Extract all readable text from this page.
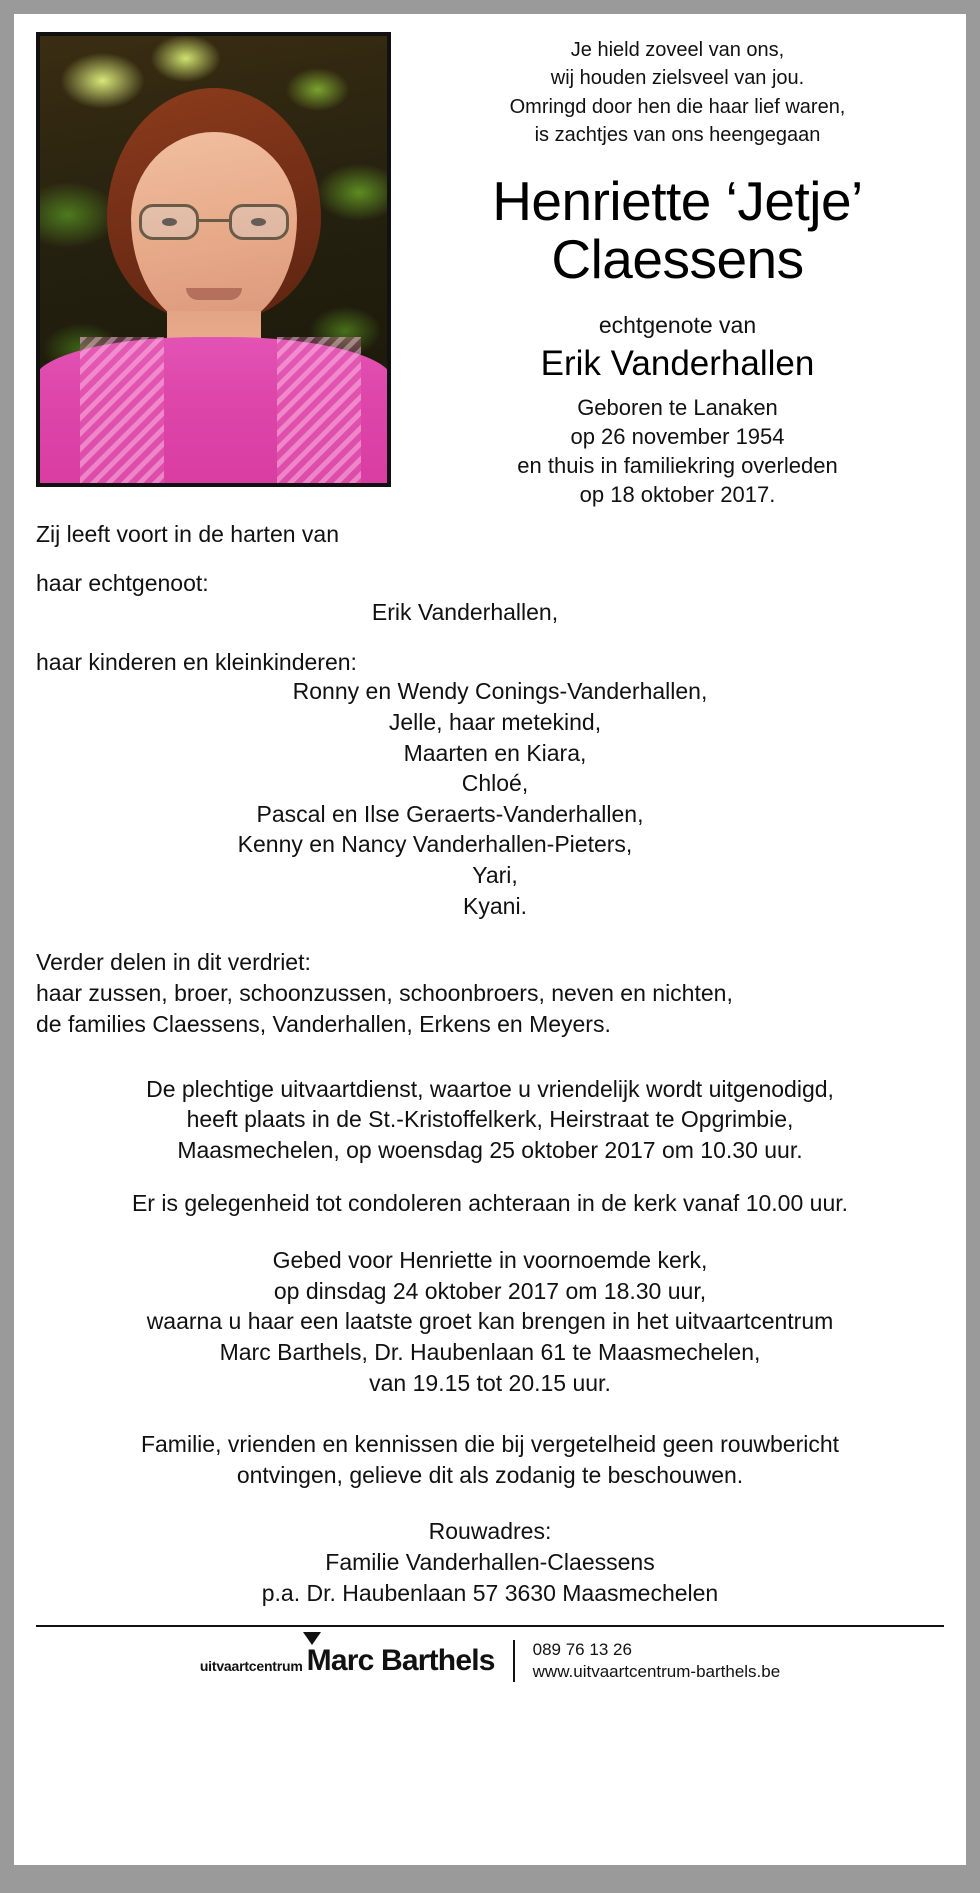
Je hield zoveel van ons,
wij houden zielsveel van jou.
Omringd door hen die haar lief waren,
is zachtjes van ons heengegaan
Henriette ‘Jetje’
Claessens
echtgenote van
Erik Vanderhallen
Geboren te Lanaken
op 26 november 1954
en thuis in familiekring overleden
op 18 oktober 2017.
Zij leeft voort in de harten van
haar echtgenoot:
Erik Vanderhallen,
haar kinderen en kleinkinderen:
Ronny en Wendy Conings-Vanderhallen,
Jelle, haar metekind,
Maarten en Kiara,
Chloé,
Pascal en Ilse Geraerts-Vanderhallen,
Kenny en Nancy Vanderhallen-Pieters,
Yari,
Kyani.
Verder delen in dit verdriet:
haar zussen, broer, schoonzussen, schoonbroers, neven en nichten,
de families Claessens, Vanderhallen, Erkens en Meyers.
De plechtige uitvaartdienst, waartoe u vriendelijk wordt uitgenodigd,
heeft plaats in de St.-Kristoffelkerk, Heirstraat te Opgrimbie,
Maasmechelen, op woensdag 25 oktober 2017 om 10.30 uur.
Er is gelegenheid tot condoleren achteraan in de kerk vanaf 10.00 uur.
Gebed voor Henriette in voornoemde kerk,
op dinsdag 24 oktober 2017 om 18.30 uur,
waarna u haar een laatste groet kan brengen in het uitvaartcentrum
Marc Barthels, Dr. Haubenlaan 61 te Maasmechelen,
van 19.15 tot 20.15 uur.
Familie, vrienden en kennissen die bij vergetelheid geen rouwbericht
ontvingen, gelieve dit als zodanig te beschouwen.
Rouwadres:
Familie Vanderhallen-Claessens
p.a. Dr. Haubenlaan 57 3630 Maasmechelen
uitvaartcentrum Marc Barthels 089 76 13 26
www.uitvaartcentrum-barthels.be
